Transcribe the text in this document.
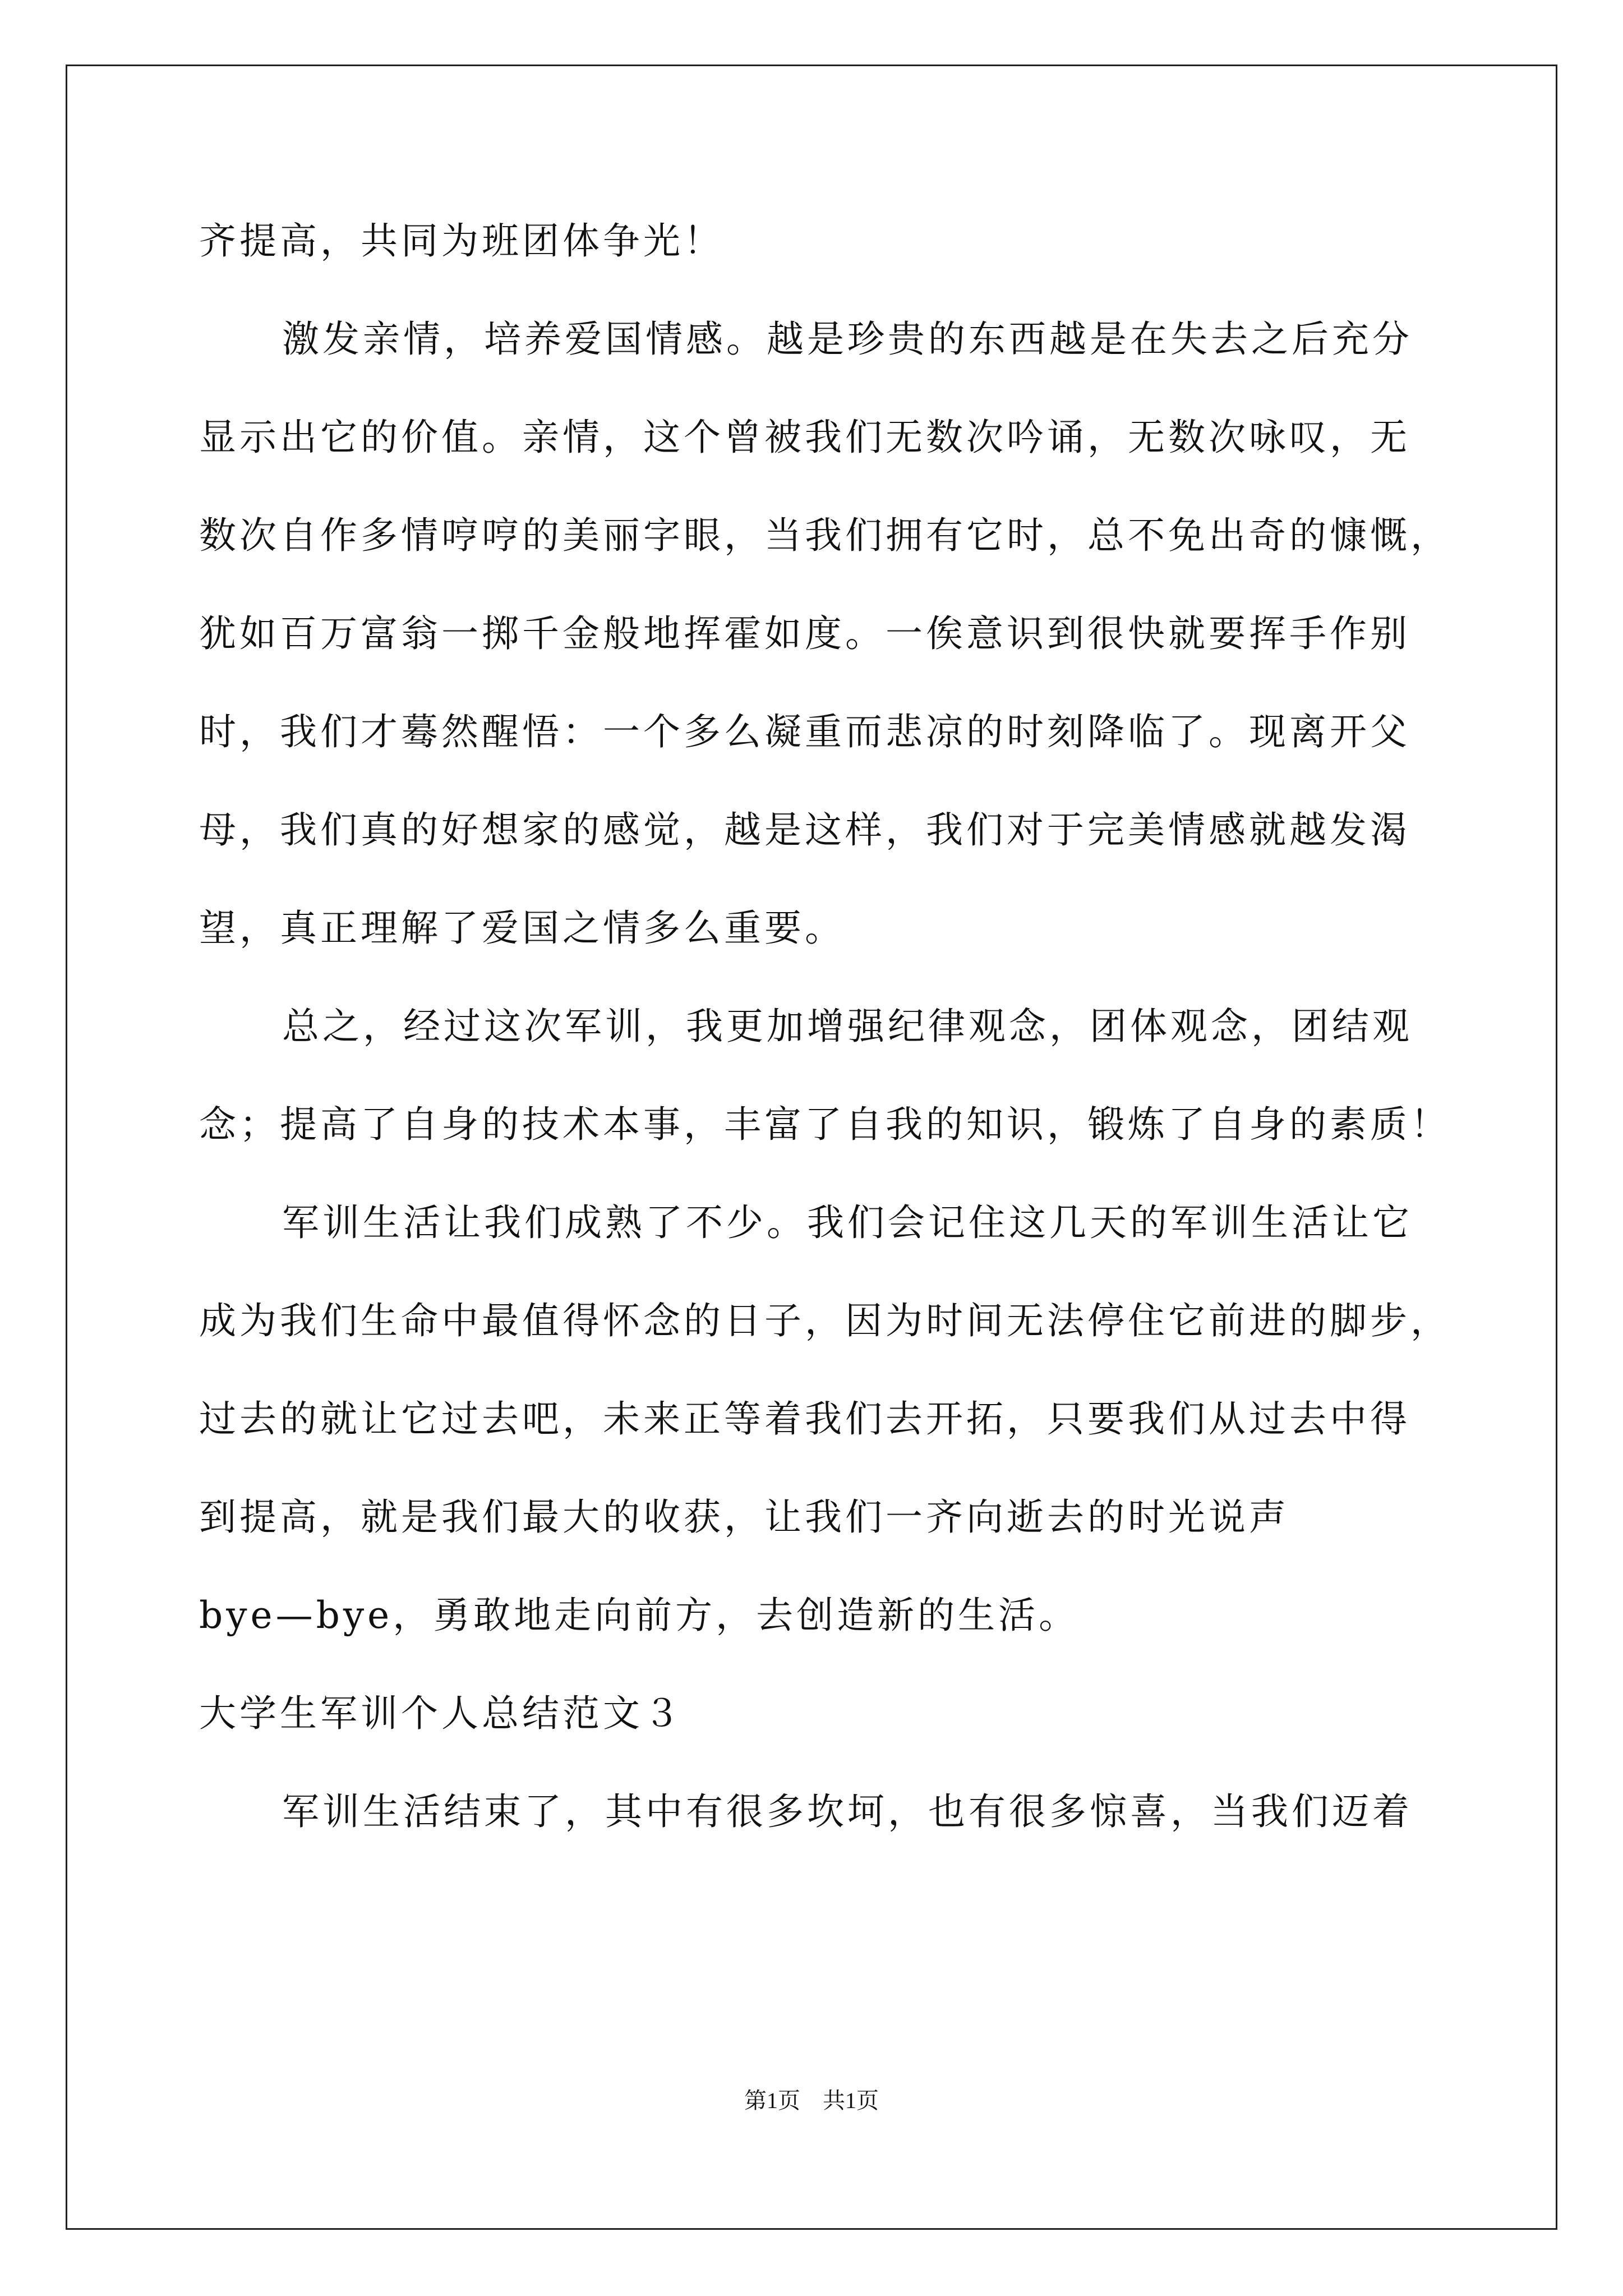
齐提高，共同为班团体争光！
激发亲情，培养爱国情感。越是珍贵的东西越是在失去之后充分
显示出它的价值。亲情，这个曾被我们无数次吟诵，无数次咏叹，无
数次自作多情哼哼的美丽字眼，当我们拥有它时，总不免出奇的慷慨，
犹如百万富翁一掷千金般地挥霍如度。一俟意识到很快就要挥手作别
时，我们才蓦然醒悟：一个多么凝重而悲凉的时刻降临了。现离开父
母，我们真的好想家的感觉，越是这样，我们对于完美情感就越发渴
望，真正理解了爱国之情多么重要。
总之，经过这次军训，我更加增强纪律观念，团体观念，团结观
念；提高了自身的技术本事，丰富了自我的知识，锻炼了自身的素质！
军训生活让我们成熟了不少。我们会记住这几天的军训生活让它
成为我们生命中最值得怀念的日子，因为时间无法停住它前进的脚步，
过去的就让它过去吧，未来正等着我们去开拓，只要我们从过去中得
到提高，就是我们最大的收获，让我们一齐向逝去的时光说声
bye—bye，勇敢地走向前方，去创造新的生活。
大学生军训个人总结范文３
军训生活结束了，其中有很多坎坷，也有很多惊喜，当我们迈着
第1页　共1页
